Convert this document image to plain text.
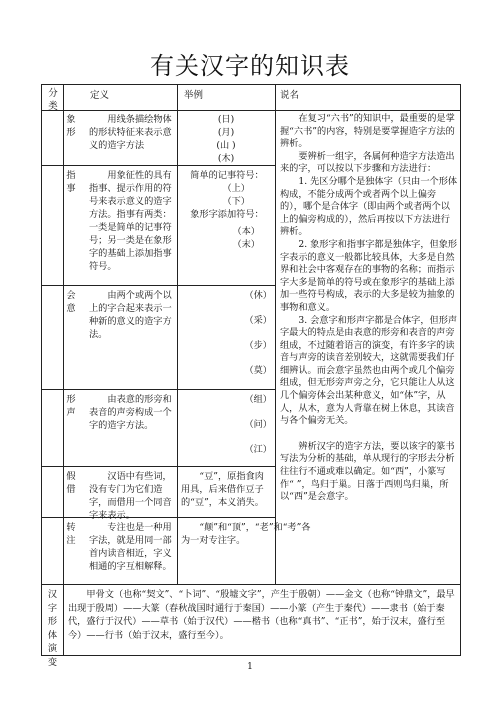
有关汉字的知识表
分类
定义	举例	说名
象
形
用线条描绘物体的形状特征来表示意义的造字方法
(日)
(月)
(山 )
(木)
指
事
用象征性的具有指事、提示作用的符号来表示意义的造字方法。指事有两类：一类是简单的记事符号；另一类是在象形字的基础上添加指事符号。
简单的记事符号：
（上）
（下）
象形字添加符号：
（本）
（末）
会
意
由两个或两个以上的字合起来表示一种新的意义的造字方法。
（休）
（采）
（步）
（莫）
形
声
由表意的形旁和表音的声旁构成一个字的造字方法。
（组）
（问）
（江）
假
借
汉语中有些词，没有专门为它们造字，而借用一个同音字来表示。
“豆”，原指食肉用具，后来借作豆子的“豆”，本义消失。
转
注
专注也是一种用字法，就是用同一部首内读音相近，字义相通的字互相解释。
“颠”和“顶”，“老”和“考”各为一对专注字。

在复习“六书”的知识中，最重要的是掌握“六书”的内容，特别是要掌握造字方法的辨析。

要辨析一组字，各属何种造字方法造出来的字，可以按以下步骤和方法进行：

1. 先区分哪个是独体字（只由一个形体构成，不能分成两个或者两个以上偏旁的），哪个是合体字（即由两个或者两个以上的偏旁构成的），然后再按以下方法进行辨析。

2. 象形字和指事字都是独体字，但象形字表示的意义一般都比较具体，大多是自然界和社会中客观存在的事物的名称；而指示字大多是简单的符号或在象形字的基础上添加一些符号构成，表示的大多是较为抽象的事物和意义。

3. 会意字和形声字都是合体字，但形声字最大的特点是由表意的形旁和表音的声旁组成，不过随着语言的演变，有许多字的读音与声旁的读音差别较大，这就需要我们仔细辨认。而会意字虽然也由两个或几个偏旁组成，但无形旁声旁之分，它只能让人从这几个偏旁体会出某种意义，如“体”字，从人，从木，意为人背靠在树上休息，其读音与各个偏旁无关。

辨析汉字的造字方法，要以该字的篆书写法为分析的基础，单从现行的字形去分析往往行不通或难以确定。如“西”，小篆写作“ ”，鸟归于巢。日落于西则鸟归巢，所以“西”是会意字。

汉字形体演变
甲骨文（也称“契文”、“卜词”、“殷墟文字”，产生于殷朝）——金文（也称“钟鼎文”，最早出现于殷周）——大篆（春秋战国时通行于秦国）——小篆（产生于秦代）——隶书（始于秦代，盛行于汉代）——草书（始于汉代）——楷书（也称“真书”、“正书”，始于汉末，盛行至今）——行书（始于汉末，盛行至今）。
1
